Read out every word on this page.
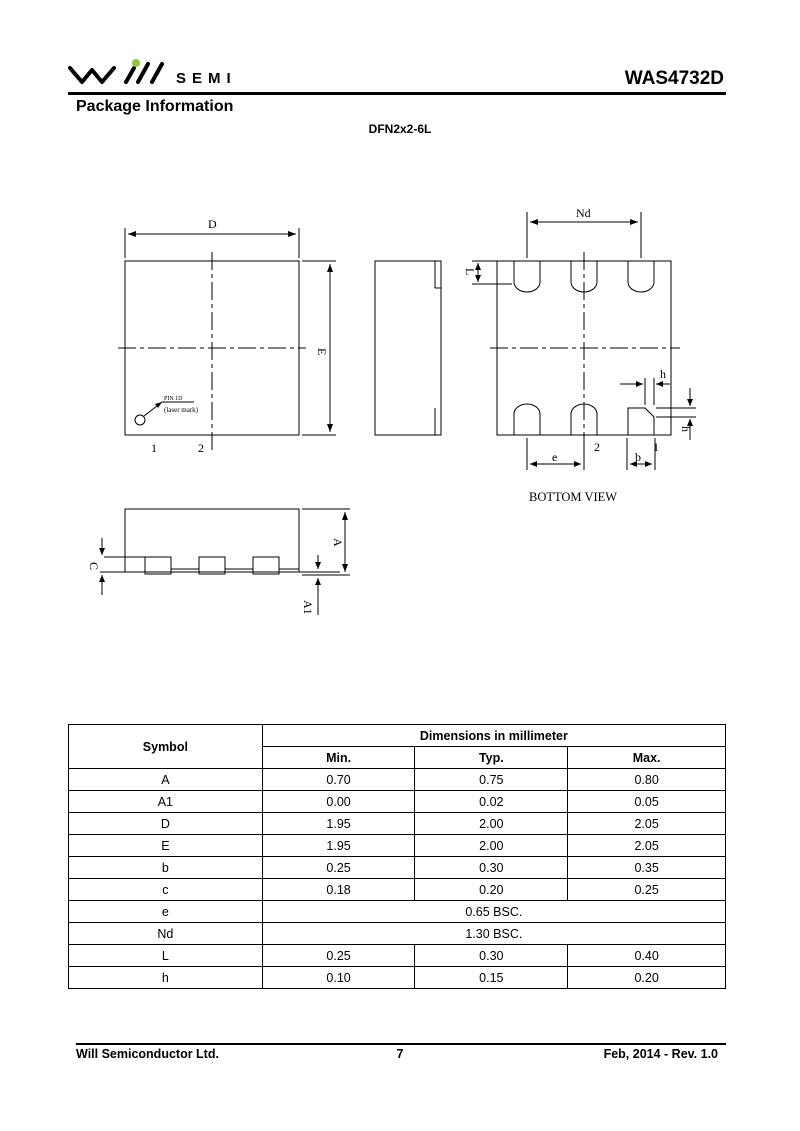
SEMI	WAS4732D
Package Information
DFN2x2-6L
D
E
1	2
PIN 1D
(laser mark)
Nd
L
h
h
e	b
2	1
BOTTOM VIEW
C
A
A1
Symbol	Dimensions in millimeter		
	Min.	Typ.	Max.
A	0.70	0.75	0.80
A1	0.00	0.02	0.05
D	1.95	2.00	2.05
E	1.95	2.00	2.05
b	0.25	0.30	0.35
c	0.18	0.20	0.25
e	0.65 BSC.		
Nd	1.30 BSC.		
L	0.25	0.30	0.40
h	0.10	0.15	0.20
Will Semiconductor Ltd.	7	Feb, 2014 - Rev. 1.0
